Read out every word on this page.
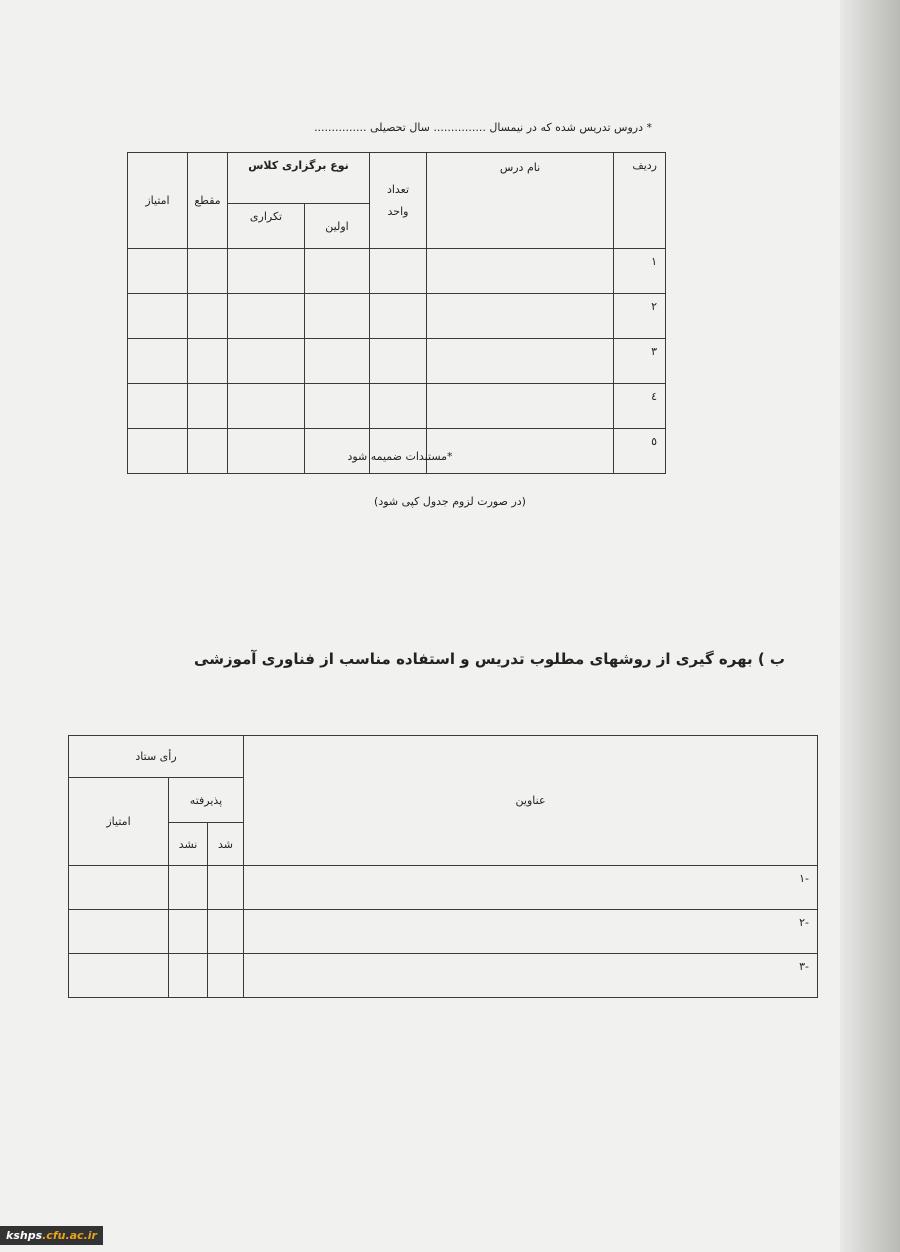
* دروس تدریس شده که در نیمسال ............... سال تحصیلی ...............
ردیف	نام درس	تعداد واحد	نوع برگزاری کلاس		مقطع	امتیاز
			اولین	تکراری		
۱						
۲						
۳						
٤						
٥						
*مستندات ضمیمه شود
(در صورت لزوم جدول کپی شود)
ب ) بهره گیری از روشهای مطلوب تدریس و استفاده مناسب از فناوری آموزشی
عناوین	رأی ستاد		
	پذیرفته		امتیاز
	شد	نشد	
-۱			
-۲			
-۳			
kshps.cfu.ac.ir
